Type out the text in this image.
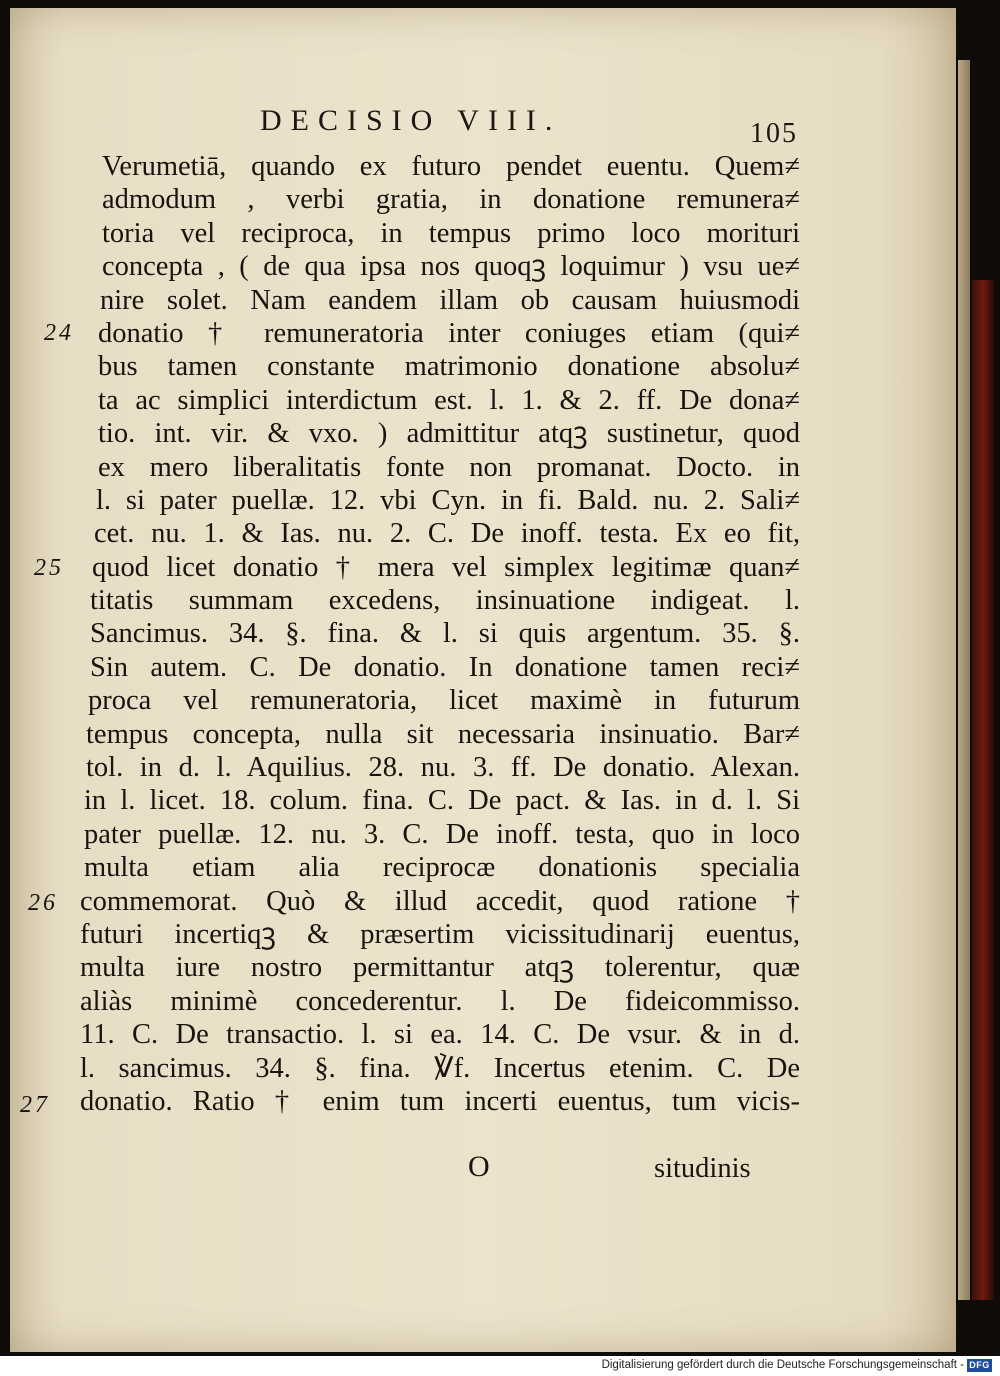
DECISIO VIII.	105
Verumetiā, quando ex futuro pendet euentu. Quem≠
admodum , verbi gratia, in donatione remunera≠
toria vel reciproca, in tempus primo loco morituri
concepta , ( de qua ipsa nos quoqꝫ loquimur ) vsu ue≠
nire solet. Nam eandem illam ob causam huiusmodi
donatio † remuneratoria inter coniuges etiam (qui≠
bus tamen constante matrimonio donatione absolu≠
ta ac simplici interdictum est. l. 1. & 2. ff. De dona≠
tio. int. vir. & vxo. ) admittitur atqꝫ sustinetur, quod
ex mero liberalitatis fonte non promanat. Docto. in
l. si pater puellæ. 12. vbi Cyn. in fi. Bald. nu. 2. Sali≠
cet. nu. 1. & Ias. nu. 2. C. De inoff. testa. Ex eo fit,
quod licet donatio † mera vel simplex legitimæ quan≠
titatis summam excedens, insinuatione indigeat. l.
Sancimus. 34. §. fina. & l. si quis argentum. 35. §.
Sin autem. C. De donatio. In donatione tamen reci≠
proca vel remuneratoria, licet maximè in futurum
tempus concepta, nulla sit necessaria insinuatio. Bar≠
tol. in d. l. Aquilius. 28. nu. 3. ff. De donatio. Alexan.
in l. licet. 18. colum. fina. C. De pact. & Ias. in d. l. Si
pater puellæ. 12. nu. 3. C. De inoff. testa, quo in loco
multa etiam alia reciprocæ donationis specialia
commemorat. Quò & illud accedit, quod ratione †
futuri incertiqꝫ & præsertim vicissitudinarij euentus,
multa iure nostro permittantur atqꝫ tolerentur, quæ
aliàs minimè concederentur. l. De fideicommisso.
11. C. De transactio. l. si ea. 14. C. De vsur. & in d.
l. sancimus. 34. §. fina. ℣f. Incertus etenim. C. De
donatio. Ratio † enim tum incerti euentus, tum vicis-
24
25
26
27
O	situdinis
Digitalisierung gefördert durch die Deutsche Forschungsgemeinschaft - DFG
